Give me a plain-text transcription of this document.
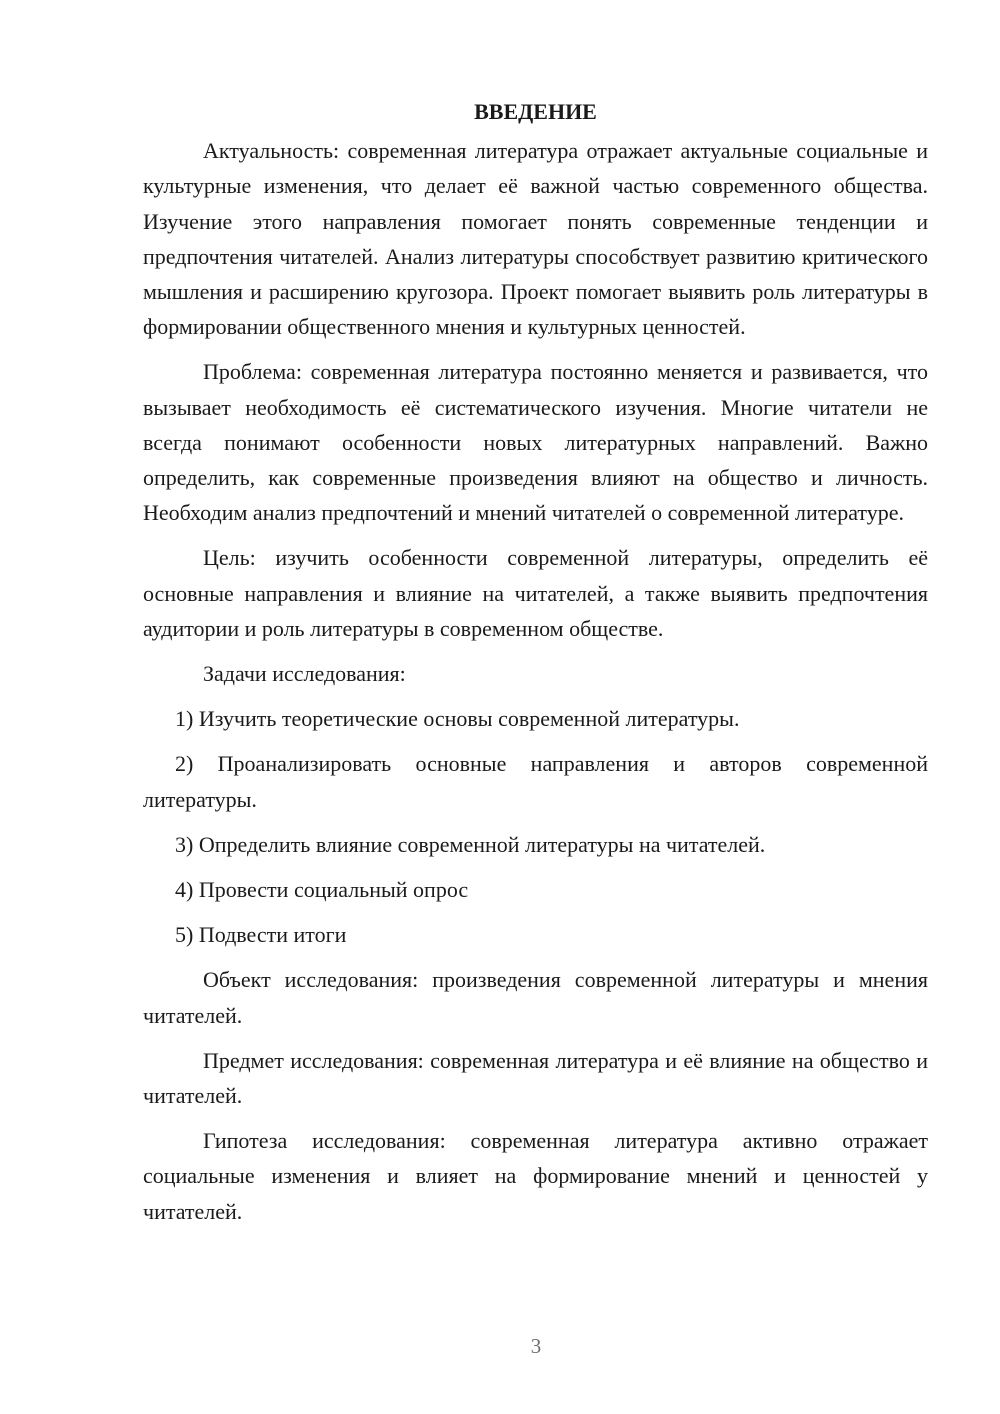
ВВЕДЕНИЕ

Актуальность: современная литература отражает актуальные социальные и культурные изменения, что делает её важной частью современного общества. Изучение этого направления помогает понять современные тенденции и предпочтения читателей. Анализ литературы способствует развитию критического мышления и расширению кругозора. Проект помогает выявить роль литературы в формировании общественного мнения и культурных ценностей.

Проблема: современная литература постоянно меняется и развивается, что вызывает необходимость её систематического изучения. Многие читатели не всегда понимают особенности новых литературных направлений. Важно определить, как современные произведения влияют на общество и личность. Необходим анализ предпочтений и мнений читателей о современной литературе.

Цель: изучить особенности современной литературы, определить её основные направления и влияние на читателей, а также выявить предпочтения аудитории и роль литературы в современном обществе.

Задачи исследования:

1) Изучить теоретические основы современной литературы.

2) Проанализировать основные направления и авторов современной литературы.

3) Определить влияние современной литературы на читателей.

4) Провести социальный опрос

5) Подвести итоги

Объект исследования: произведения современной литературы и мнения читателей.

Предмет исследования: современная литература и её влияние на общество и читателей.

Гипотеза исследования: современная литература активно отражает социальные изменения и влияет на формирование мнений и ценностей у читателей.

3
